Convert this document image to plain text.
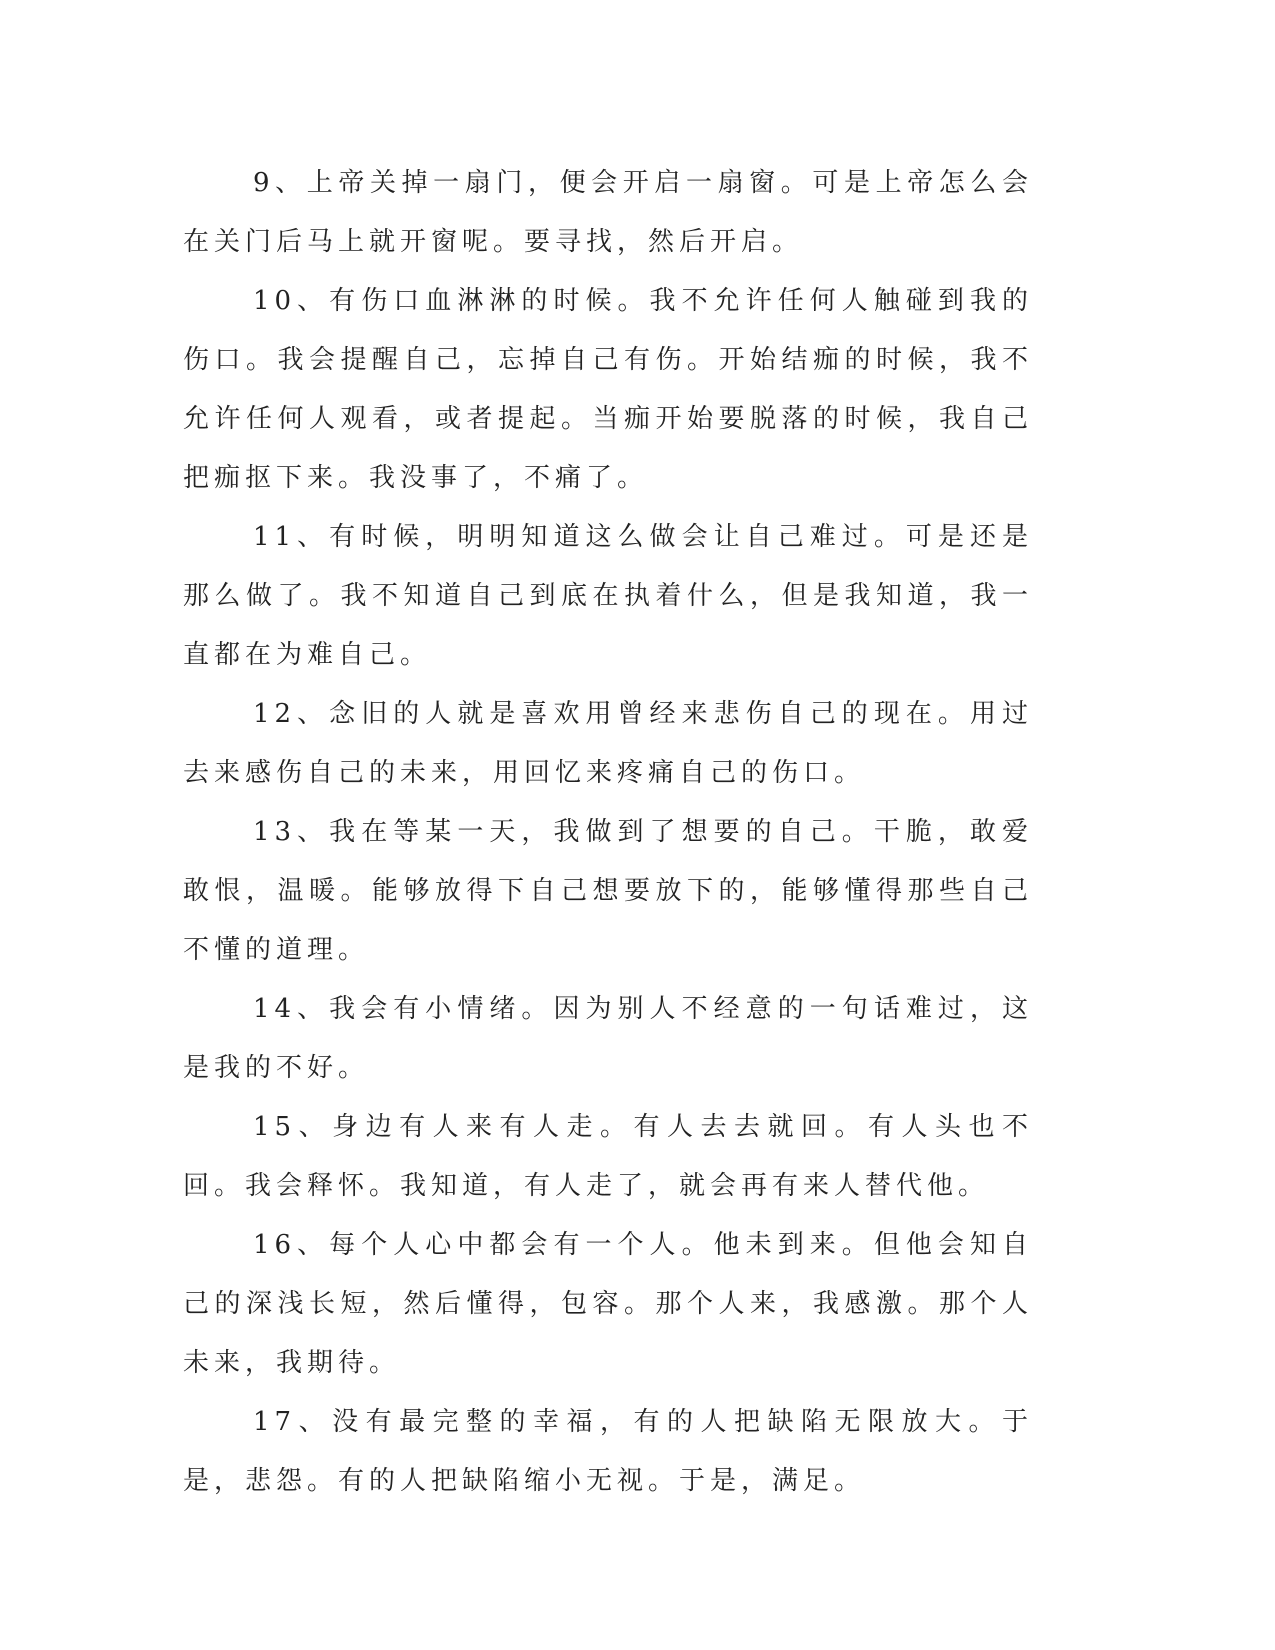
9、上帝关掉一扇门，便会开启一扇窗。可是上帝怎么会在关门后马上就开窗呢。要寻找，然后开启。

10、有伤口血淋淋的时候。我不允许任何人触碰到我的伤口。我会提醒自己，忘掉自己有伤。开始结痂的时候，我不允许任何人观看，或者提起。当痂开始要脱落的时候，我自己把痂抠下来。我没事了，不痛了。

11、有时候，明明知道这么做会让自己难过。可是还是那么做了。我不知道自己到底在执着什么，但是我知道，我一直都在为难自己。

12、念旧的人就是喜欢用曾经来悲伤自己的现在。用过去来感伤自己的未来，用回忆来疼痛自己的伤口。

13、我在等某一天，我做到了想要的自己。干脆，敢爱敢恨，温暖。能够放得下自己想要放下的，能够懂得那些自己不懂的道理。

14、我会有小情绪。因为别人不经意的一句话难过，这是我的不好。

15、身边有人来有人走。有人去去就回。有人头也不回。我会释怀。我知道，有人走了，就会再有来人替代他。

16、每个人心中都会有一个人。他未到来。但他会知自己的深浅长短，然后懂得，包容。那个人来，我感激。那个人未来，我期待。

17、没有最完整的幸福，有的人把缺陷无限放大。于是，悲怨。有的人把缺陷缩小无视。于是，满足。
